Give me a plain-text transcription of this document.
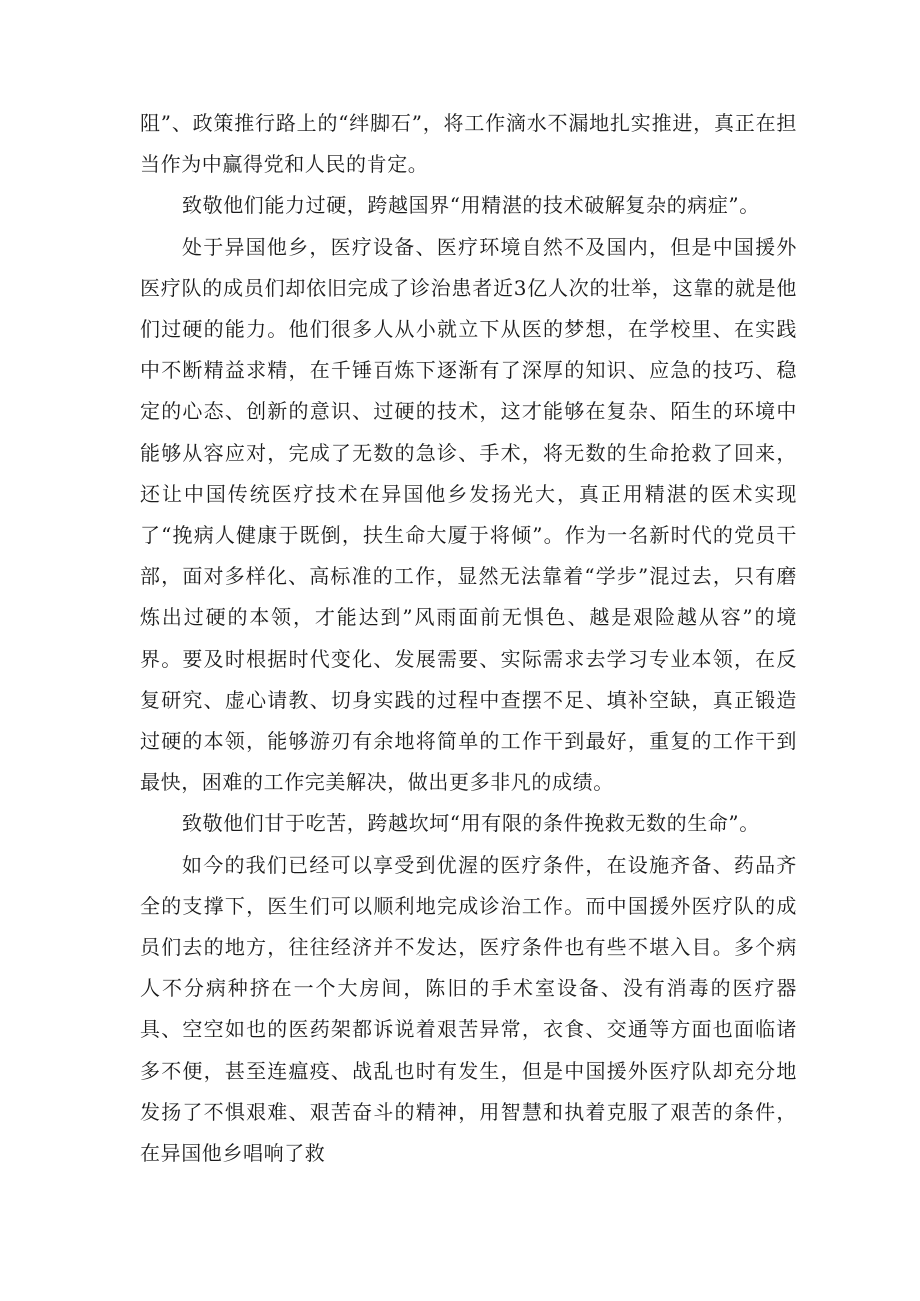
阻”、政策推行路上的“绊脚石”，将工作滴水不漏地扎实推进，真正在担当作为中赢得党和人民的肯定。

致敬他们能力过硬，跨越国界“用精湛的技术破解复杂的病症”。

处于异国他乡，医疗设备、医疗环境自然不及国内，但是中国援外医疗队的成员们却依旧完成了诊治患者近3亿人次的壮举，这靠的就是他们过硬的能力。他们很多人从小就立下从医的梦想，在学校里、在实践中不断精益求精，在千锤百炼下逐渐有了深厚的知识、应急的技巧、稳定的心态、创新的意识、过硬的技术，这才能够在复杂、陌生的环境中能够从容应对，完成了无数的急诊、手术，将无数的生命抢救了回来，还让中国传统医疗技术在异国他乡发扬光大，真正用精湛的医术实现了“挽病人健康于既倒，扶生命大厦于将倾”。作为一名新时代的党员干部，面对多样化、高标准的工作，显然无法靠着“学步”混过去，只有磨炼出过硬的本领，才能达到”风雨面前无惧色、越是艰险越从容”的境界。要及时根据时代变化、发展需要、实际需求去学习专业本领，在反复研究、虚心请教、切身实践的过程中查摆不足、填补空缺，真正锻造过硬的本领，能够游刃有余地将简单的工作干到最好，重复的工作干到最快，困难的工作完美解决，做出更多非凡的成绩。

致敬他们甘于吃苦，跨越坎坷“用有限的条件挽救无数的生命”。

如今的我们已经可以享受到优渥的医疗条件，在设施齐备、药品齐全的支撑下，医生们可以顺利地完成诊治工作。而中国援外医疗队的成员们去的地方，往往经济并不发达，医疗条件也有些不堪入目。多个病人不分病种挤在一个大房间，陈旧的手术室设备、没有消毒的医疗器具、空空如也的医药架都诉说着艰苦异常，衣食、交通等方面也面临诸多不便，甚至连瘟疫、战乱也时有发生，但是中国援外医疗队却充分地发扬了不惧艰难、艰苦奋斗的精神，用智慧和执着克服了艰苦的条件，在异国他乡唱响了救
